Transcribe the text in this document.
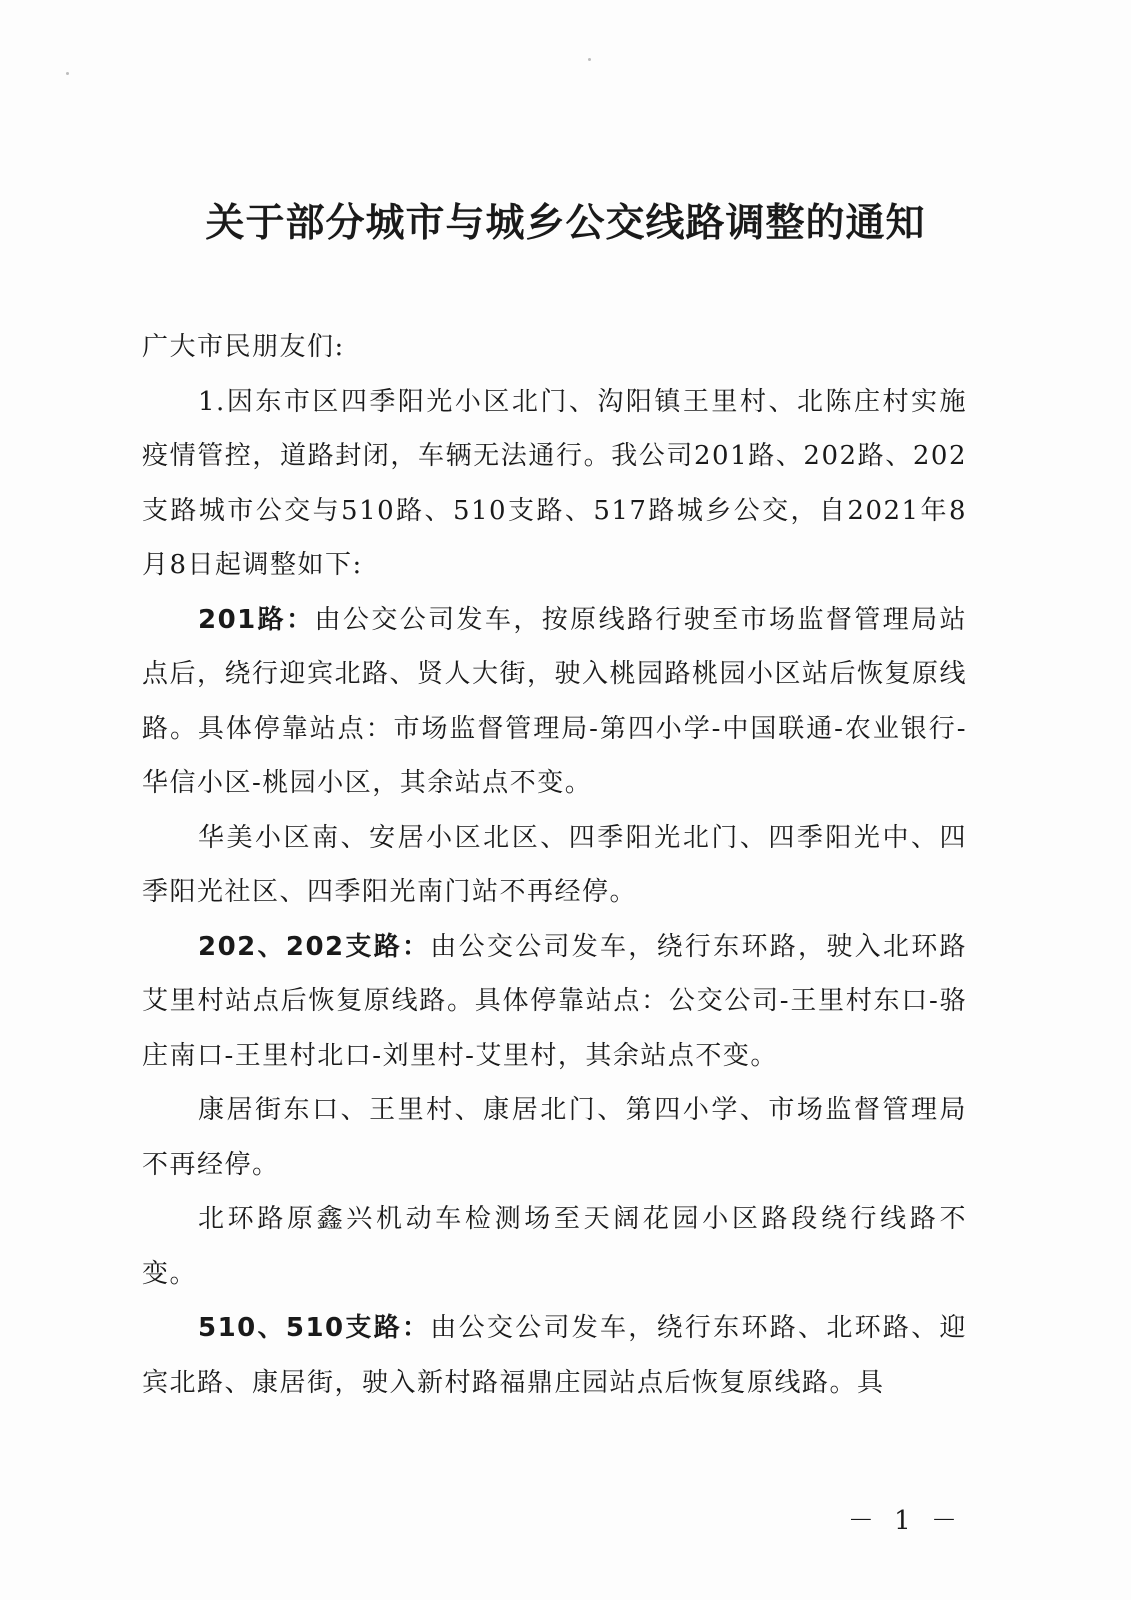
关于部分城市与城乡公交线路调整的通知

广大市民朋友们:

1.因东市区四季阳光小区北门、沟阳镇王里村、北陈庄村实施疫情管控，道路封闭，车辆无法通行。我公司201路、202路、202支路城市公交与510路、510支路、517路城乡公交，自2021年8月8日起调整如下:

201路：由公交公司发车，按原线路行驶至市场监督管理局站点后，绕行迎宾北路、贤人大街，驶入桃园路桃园小区站后恢复原线路。具体停靠站点：市场监督管理局-第四小学-中国联通-农业银行-华信小区-桃园小区，其余站点不变。

华美小区南、安居小区北区、四季阳光北门、四季阳光中、四季阳光社区、四季阳光南门站不再经停。

202、202支路：由公交公司发车，绕行东环路，驶入北环路艾里村站点后恢复原线路。具体停靠站点：公交公司-王里村东口-骆庄南口-王里村北口-刘里村-艾里村，其余站点不变。

康居街东口、王里村、康居北门、第四小学、市场监督管理局不再经停。

北环路原鑫兴机动车检测场至天阔花园小区路段绕行线路不变。

510、510支路：由公交公司发车，绕行东环路、北环路、迎宾北路、康居街，驶入新村路福鼎庄园站点后恢复原线路。具

－ 1 －
